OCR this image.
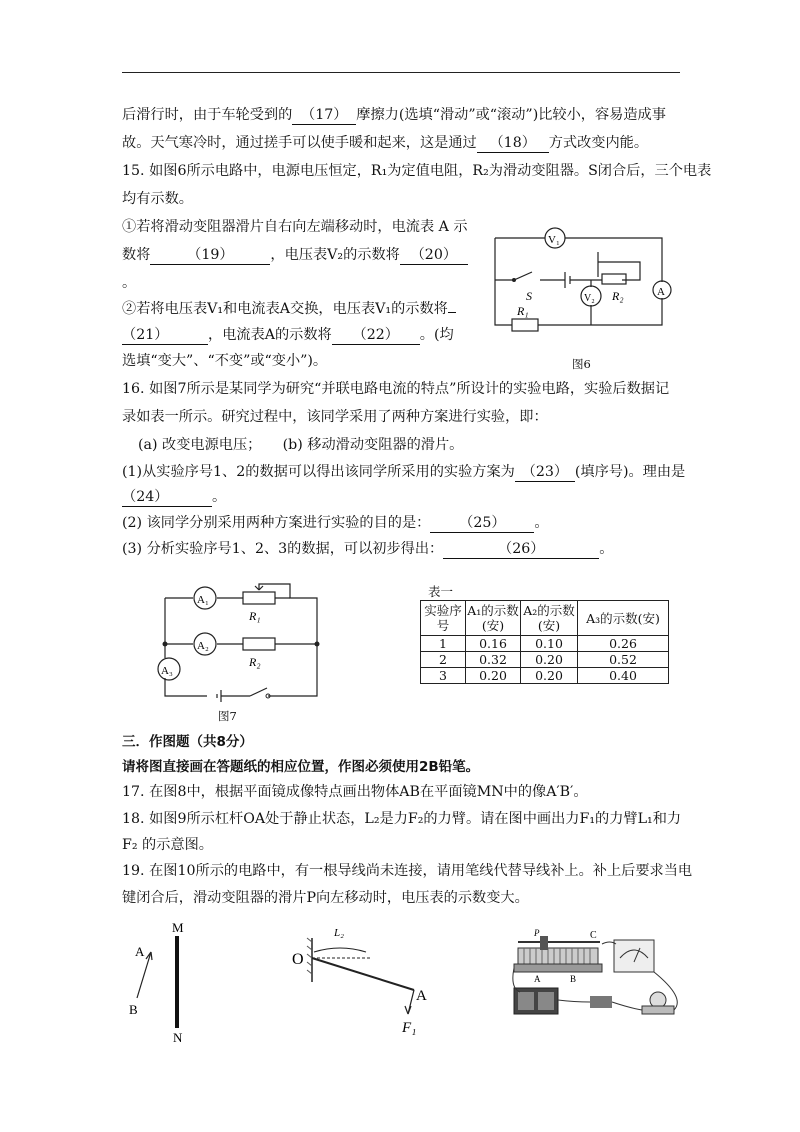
后滑行时，由于车轮受到的 （17） 摩擦力(选填“滑动”或“滚动”)比较小，容易造成事
故。天气寒冷时，通过搓手可以使手暖和起来，这是通过 （18） 方式改变内能。
15. 如图6所示电路中，电源电压恒定，R₁为定值电阻，R₂为滑动变阻器。S闭合后，三个电表
均有示数。
①若将滑动变阻器滑片自右向左端移动时，电流表 A 示
数将	（19）	，电压表V₂的示数将 （20）
。
②若将电压表V₁和电流表A交换，电压表V₁的示数将
（21）	，电流表A的示数将 （22） 。(均
选填“变大”、“不变”或“变小”)。
V₁
V₂
S	R₂	A
R₁
图6
16. 如图7所示是某同学为研究“并联电路电流的特点”所设计的实验电路，实验后数据记
录如表一所示。研究过程中，该同学采用了两种方案进行实验，即：
(a) 改变电源电压；　　(b) 移动滑动变阻器的滑片。
(1)从实验序号1、2的数据可以得出该同学所采用的实验方案为 （23） (填序号)。理由是
（24）	。
(2) 该同学分别采用两种方案进行实验的目的是： （25） 。
(3) 分析实验序号1、2、3的数据，可以初步得出：	（26）	。
A₁
A₂
A₃
R₁
R₂
图7
表一
实验序号	A₁的示数(安)	A₂的示数(安)	A₃的示数(安)
1	0.16	0.10	0.26
2	0.32	0.20	0.52
3	0.20	0.20	0.40
三．作图题（共8分）
请将图直接画在答题纸的相应位置，作图必须使用2B铅笔。
17. 在图8中，根据平面镜成像特点画出物体AB在平面镜MN中的像A′B′。
18. 如图9所示杠杆OA处于静止状态，L₂是力F₂的力臂。请在图中画出力F₁的力臂L₁和力
F₂ 的示意图。
19. 在图10所示的电路中，有一根导线尚未连接，请用笔线代替导线补上。补上后要求当电
键闭合后，滑动变阻器的滑片P向左移动时，电压表的示数变大。
M
N
A
B
O
L₂
A
F₁
P	C
A	B
